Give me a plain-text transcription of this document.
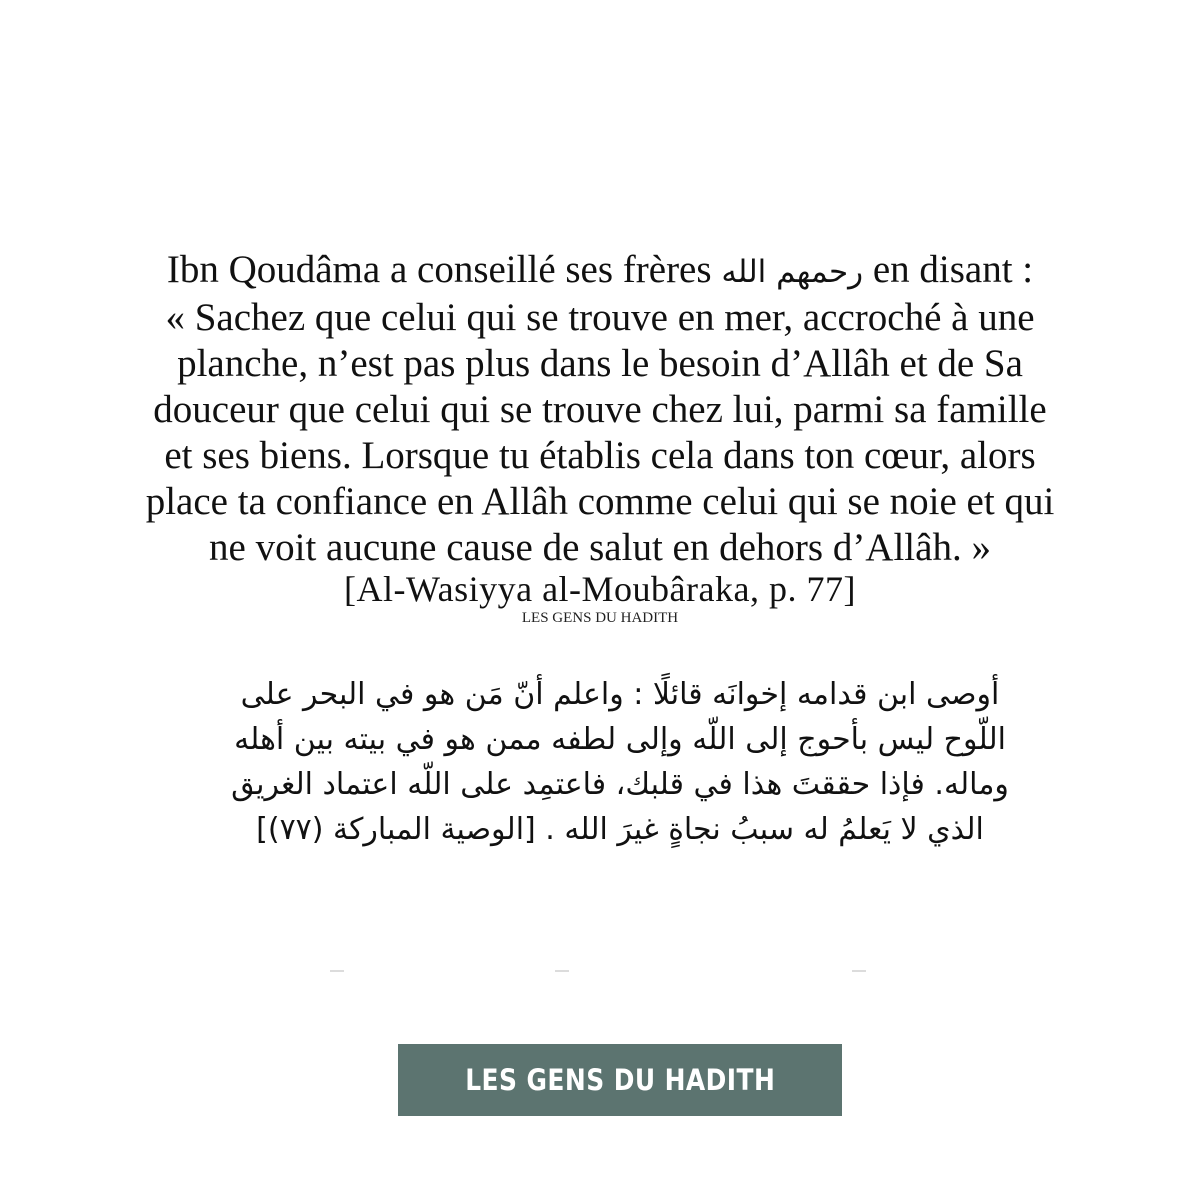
Ibn Qoudâma a conseillé ses frères رحمهم الله en disant :
« Sachez que celui qui se trouve en mer, accroché à une
planche, n’est pas plus dans le besoin d’Allâh et de Sa
douceur que celui qui se trouve chez lui, parmi sa famille
et ses biens. Lorsque tu établis cela dans ton cœur, alors
place ta confiance en Allâh comme celui qui se noie et qui
ne voit aucune cause de salut en dehors d’Allâh. »
[Al-Wasiyya al-Moubâraka, p. 77]
LES GENS DU HADITH
أوصى ابن قدامه إخوانَه قائلًا : واعلم أنّ مَن هو في البحر على
اللّوح ليس بأحوج إلى اللّه وإلى لطفه ممن هو في بيته بين أهله
وماله. فإذا حققتَ هذا في قلبك، فاعتمِد على اللّه اعتماد الغريق
الذي لا يَعلمُ له سببُ نجاةٍ غيرَ الله . [الوصية المباركة (٧٧)]
LES GENS DU HADITH
